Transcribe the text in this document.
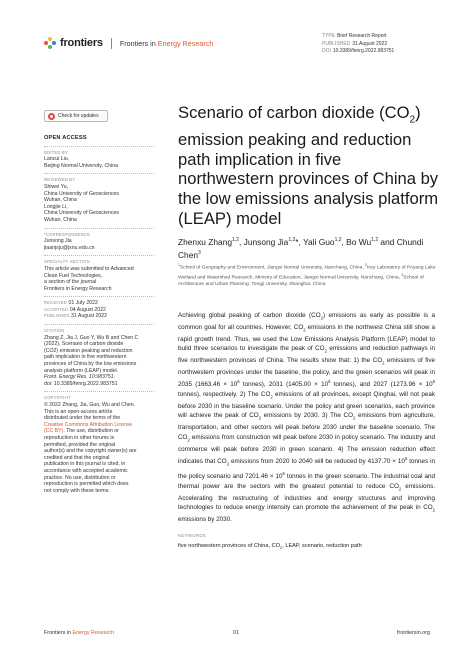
frontiers Frontiers in Energy Research
TYPE Brief Research Report
PUBLISHED 31 August 2022
DOI 10.3389/fenrg.2022.983751
Check for updates
OPEN ACCESS

EDITED BY

Lancui Liu,

Beijing Normal University, China

REVIEWED BY

Shiwei Yu,

China University of Geosciences

Wuhan, China

Longjie Li,

China University of Geosciences

Wuhan, China

*CORRESPONDENCE

Junsong Jia

jiaanjsju@jxnu.edu.cn

SPECIALTY SECTION

This article was submitted to Advanced

Clean Fuel Technologies,

a section of the journal

Frontiers in Energy Research

RECEIVED 01 July 2022

ACCEPTED 04 August 2022

PUBLISHED 31 August 2022

CITATION

Zhang Z, Jia J, Guo Y, Wu B and Chen C

(2022), Scenario of carbon dioxide

(CO2) emission peaking and reduction

path implication in five northwestern

provinces of China by the low emissions

analysis platform (LEAP) model.

Front. Energy Res. 10:983751.

doi: 10.3389/fenrg.2022.983751

COPYRIGHT

© 2022 Zhang, Jia, Guo, Wu and Chen.

This is an open-access article

distributed under the terms of the

Creative Commons Attribution License

(CC BY). The use, distribution or

reproduction in other forums is

permitted, provided the original

author(s) and the copyright owner(s) are

credited and that the original

publication in this journal is cited, in

accordance with accepted academic

practice. No use, distribution or

reproduction is permitted which does

not comply with these terms.

Scenario of carbon dioxide $(CO_2)$ emission peaking and reduction path implication in five northwestern provinces of China by the low emissions analysis platform (LEAP) model
Zhenxu Zhang$^{1,2}$, Junsong Jia$^{1,2}$*, Yali Guo$^{1,2}$, Bo Wu$^{1,2}$ and Chundi Chen$^3$
$^1$School of Geography and Environment, Jiangxi Normal University, Nanchang, China, $^2$Key Laboratory of Poyang Lake Wetland and Watershed Research, Ministry of Education, Jiangxi Normal University, Nanchang, China, $^3$School of Architecture and Urban Planning, Tongji University, Shanghai, China
Achieving global peaking of carbon dioxide $(CO_2)$ emissions as early as possible is a common goal for all countries. However, $CO_2$ emissions in the northwest China still show a rapid growth trend. Thus, we used the Low Emissions Analysis Platform (LEAP) model to build three scenarios to investigate the peak of $CO_2$ emissions and reduction pathways in five northwestern provinces of China. The results show that: 1) the $CO_2$ emissions of five northwestern provinces under the baseline, the policy, and the green scenarios will peak in 2035 ($1663.46 \times 10^6$ tonnes), 2031 ($1405.00 \times 10^6$ tonnes), and 2027 ($1273.96 \times 10^6$ tonnes), respectively. 2) The $CO_2$ emissions of all provinces, except Qinghai, will not peak before 2030 in the baseline scenario. Under the policy and green scenarios, each province will achieve the peak of $CO_2$ emissions by 2030. 3) The $CO_2$ emissions from agriculture, transportation, and other sectors will peak before 2030 under the baseline scenario. The $CO_2$ emissions from construction will peak before 2030 in policy scenario. The industry and commerce will peak before 2030 in green scenario. 4) The emission reduction effect indicates that $CO_2$ emissions from 2020 to 2040 will be reduced by $4137.70 \times 10^6$ tonnes in the policy scenario and $7201.46 \times 10^6$ tonnes in the green scenario. The industrial coal and thermal power are the sectors with the greatest potential to reduce $CO_2$ emissions. Accelerating the restructuring of industries and energy structures and improving technologies to reduce energy intensity can promote the achievement of the peak in $CO_2$ emissions by 2030.
KEYWORDS
five northwestern provinces of China, $CO_2$, LEAP, scenario, reduction path
Frontiers in Energy Research	01	frontiersin.org
